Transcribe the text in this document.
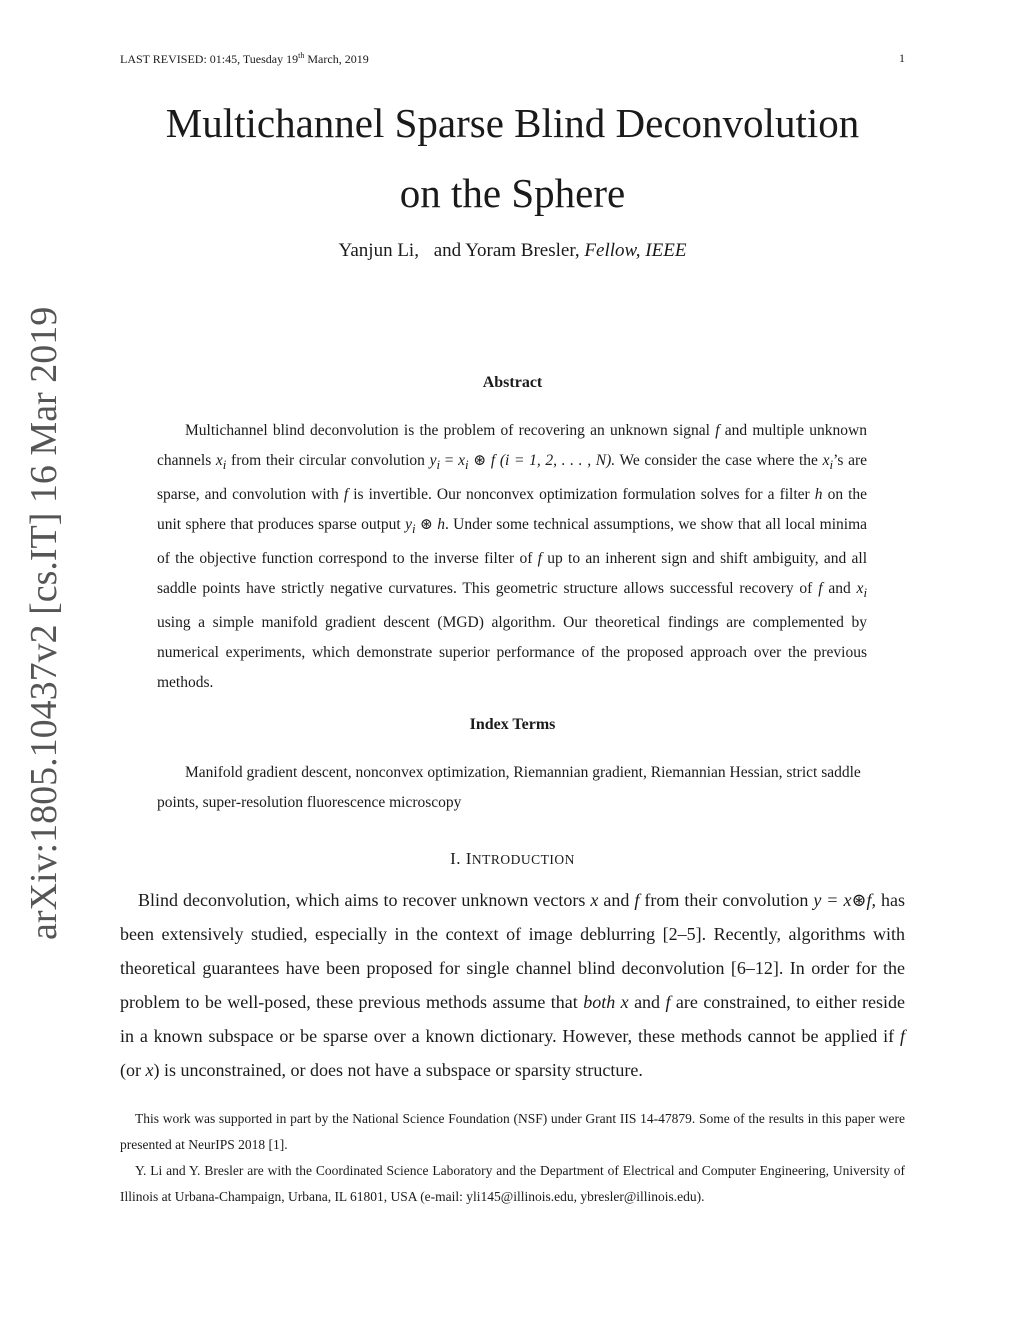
LAST REVISED: 01:45, Tuesday 19th March, 2019	1
arXiv:1805.10437v2 [cs.IT] 16 Mar 2019
Multichannel Sparse Blind Deconvolution
on the Sphere
Yanjun Li, and Yoram Bresler, Fellow, IEEE
Abstract

Multichannel blind deconvolution is the problem of recovering an unknown signal f and multiple unknown channels $x_i$ from their circular convolution $y_i = x_i$ ⊛ f (i = 1, 2, . . . , N). We consider the case where the $x_i’s$ are sparse, and convolution with f is invertible. Our nonconvex optimization formulation solves for a filter h on the unit sphere that produces sparse output $y_i$ ⊛ h. Under some technical assumptions, we show that all local minima of the objective function correspond to the inverse filter of f up to an inherent sign and shift ambiguity, and all saddle points have strictly negative curvatures. This geometric structure allows successful recovery of f and $x_i$ using a simple manifold gradient descent (MGD) algorithm. Our theoretical findings are complemented by numerical experiments, which demonstrate superior performance of the proposed approach over the previous methods.

Index Terms

Manifold gradient descent, nonconvex optimization, Riemannian gradient, Riemannian Hessian, strict saddle points, super-resolution fluorescence microscopy

I. INTRODUCTION

Blind deconvolution, which aims to recover unknown vectors x and f from their convolution y = x⊛f, has been extensively studied, especially in the context of image deblurring [2–5]. Recently, algorithms with theoretical guarantees have been proposed for single channel blind deconvolution [6–12]. In order for the problem to be well-posed, these previous methods assume that both x and f are constrained, to either reside in a known subspace or be sparse over a known dictionary. However, these methods cannot be applied if f (or x) is unconstrained, or does not have a subspace or sparsity structure.

This work was supported in part by the National Science Foundation (NSF) under Grant IIS 14-47879. Some of the results in this paper were presented at NeurIPS 2018 [1].

Y. Li and Y. Bresler are with the Coordinated Science Laboratory and the Department of Electrical and Computer Engineering, University of Illinois at Urbana-Champaign, Urbana, IL 61801, USA (e-mail: yli145@illinois.edu, ybresler@illinois.edu).
